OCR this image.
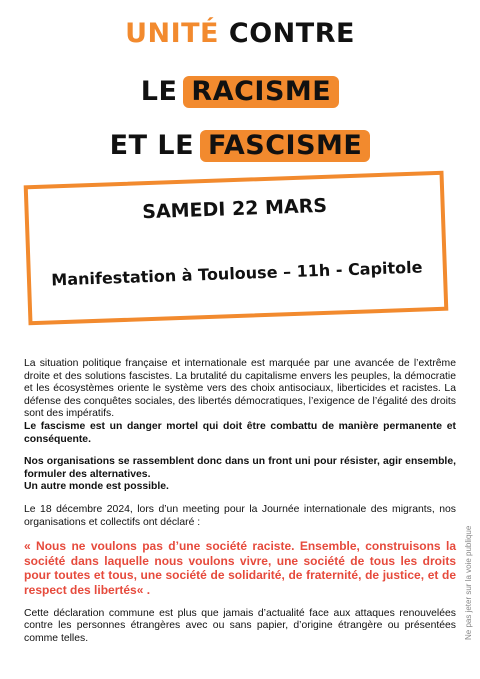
UNITÉ CONTRE
LE RACISME
ET LE FASCISME
SAMEDI 22 MARS
Manifestation à Toulouse – 11h - Capitole

La situation politique française et internationale est marquée par une avancée de l’extrême droite et des solutions fascistes. La brutalité du capitalisme envers les peuples, la démocratie et les écosystèmes oriente le système vers des choix antisociaux, liberticides et racistes. La défense des conquêtes sociales, des libertés démocratiques, l’exigence de l’égalité des droits sont des impératifs.

Le fascisme est un danger mortel qui doit être combattu de manière permanente et conséquente.

Nos organisations se rassemblent donc dans un front uni pour résister, agir ensemble, formuler des alternatives.

Un autre monde est possible.

Le 18 décembre 2024, lors d’un meeting pour la Journée internationale des migrants, nos organisations et collectifs ont déclaré :

« Nous ne voulons pas d’une société raciste. Ensemble, construisons la société dans laquelle nous voulons vivre, une société de tous les droits pour toutes et tous, une société de solidarité, de fraternité, de justice, et de respect des libertés« .

Cette déclaration commune est plus que jamais d’actualité face aux attaques renouvelées contre les personnes étrangères avec ou sans papier, d’origine étrangère ou présentées comme telles.	Ne pas jeter sur la voie publique
